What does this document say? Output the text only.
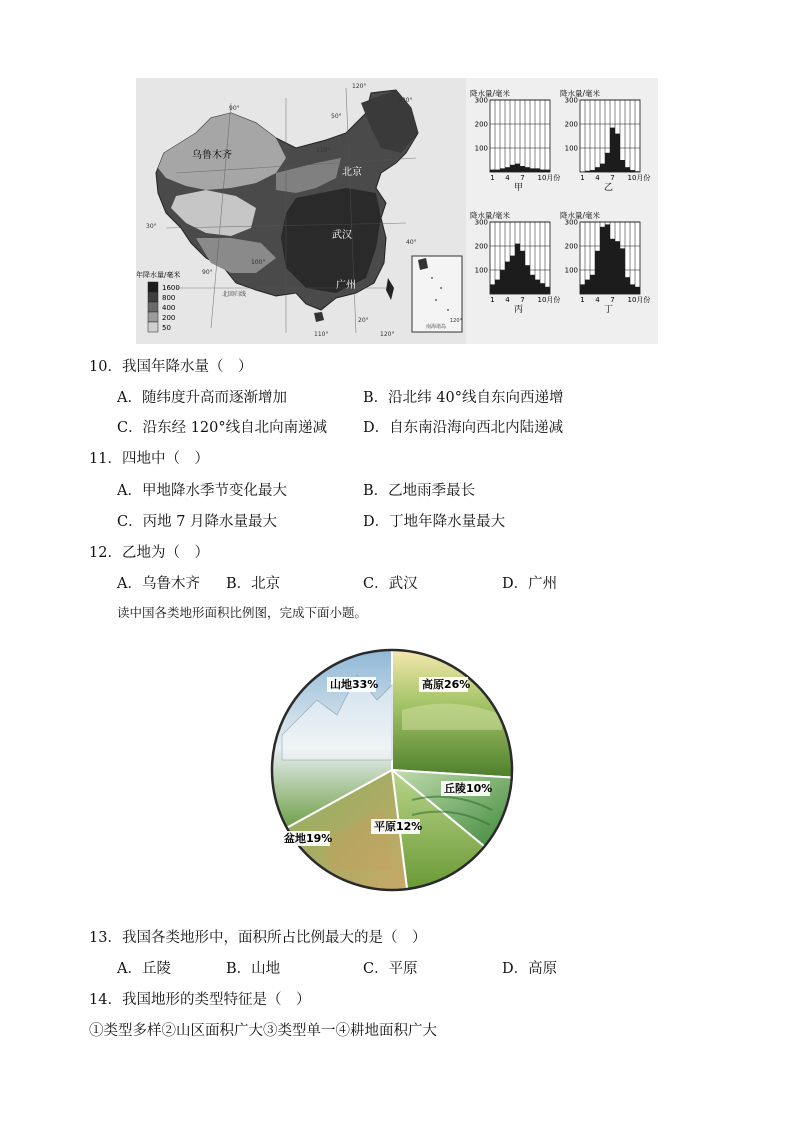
乌鲁木齐
北京
武汉
广州
120°
130°
50°
90°
110°
40°
30°
100°
90°
20°
110°	120°
北回归线
南海诸岛
120°
年降水量/毫米
1600
800
400
200
50
降水量/毫米
300
200
100
1 4 7 10月份
甲
降水量/毫米
300
200
100
1 4 7 10月份
乙
降水量/毫米
300
200
100
1 4 7 10月份
丙
降水量/毫米
300
200
100
1 4 7 10月份
丁
10．我国年降水量（　）
A．随纬度升高而逐渐增加	B．沿北纬 40°线自东向西递增
C．沿东经 120°线自北向南递减 D．自东南沿海向西北内陆递减
11．四地中（　）
A．甲地降水季节变化最大	B．乙地雨季最长
C．丙地 7 月降水量最大	D．丁地年降水量最大
12．乙地为（　）
A．乌鲁木齐 B．北京	C．武汉	D．广州
读中国各类地形面积比例图，完成下面小题。
山地33%	高原26%
丘陵10%
平原12%
盆地19%
13．我国各类地形中，面积所占比例最大的是（　）
A．丘陵	B．山地	C．平原	D．高原
14．我国地形的类型特征是（　）
①类型多样②山区面积广大③类型单一④耕地面积广大
